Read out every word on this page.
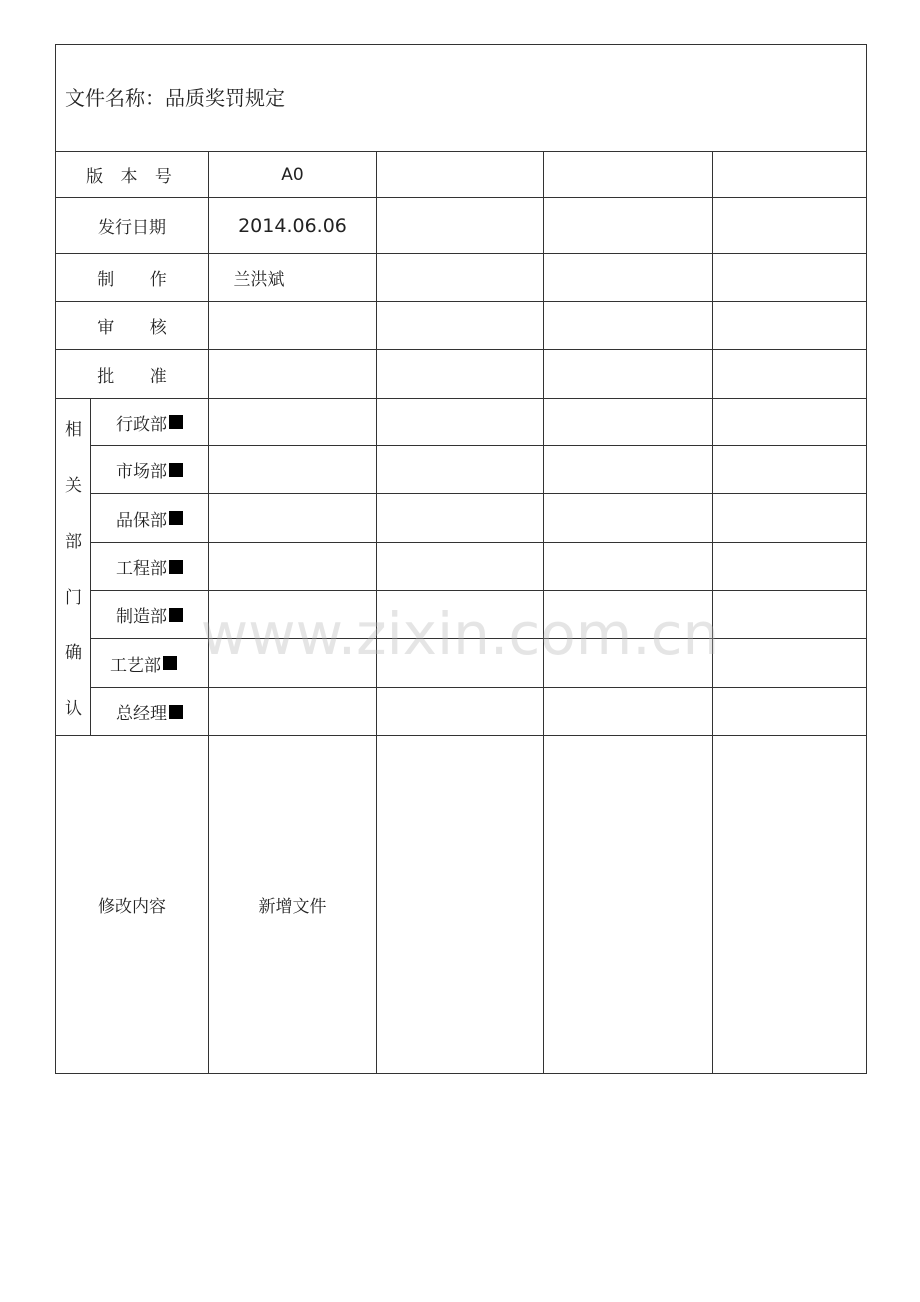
文件名称：品质奖罚规定
版 本 号	A0
发行日期	2014.06.06
制 作	兰洪斌
审 核
批 准
相
关
部
门
确
认
行政部
市场部
品保部
工程部
制造部
工艺部
总经理
修改内容	新增文件
www.zixin.com.cn
